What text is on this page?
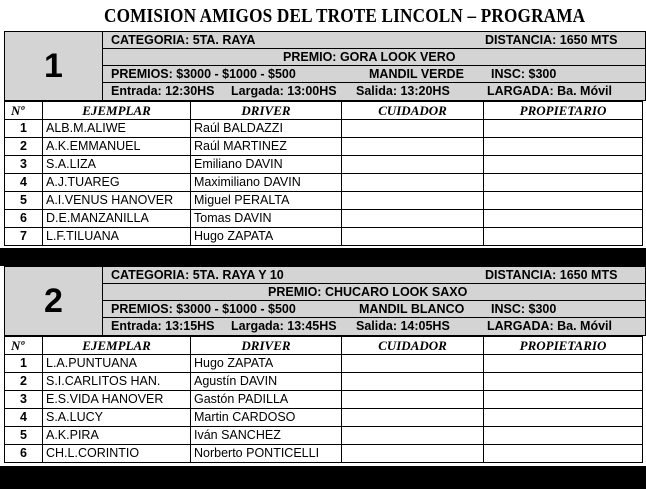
COMISION AMIGOS DEL TROTE LINCOLN – PROGRAMA
1
CATEGORIA: 5TA. RAYA	DISTANCIA: 1650 MTS
PREMIO: GORA LOOK VERO
PREMIOS: $3000 - $1000 - $500	MANDIL VERDE INSC: $300
Entrada: 12:30HS Largada: 13:00HS Salida: 13:20HS	LARGADA: Ba. Móvil
Nº	EJEMPLAR	DRIVER	CUIDADOR	PROPIETARIO
1	ALB.M.ALIWE	Raúl BALDAZZI		
2	A.K.EMMANUEL	Raúl MARTINEZ		
3	S.A.LIZA	Emiliano DAVIN		
4	A.J.TUAREG	Maximiliano DAVIN		
5	A.I.VENUS HANOVER	Miguel PERALTA		
6	D.E.MANZANILLA	Tomas DAVIN		
7	L.F.TILUANA	Hugo ZAPATA		
2
CATEGORIA: 5TA. RAYA Y 10	DISTANCIA: 1650 MTS
PREMIO: CHUCARO LOOK SAXO
PREMIOS: $3000 - $1000 - $500	MANDIL BLANCO INSC: $300
Entrada: 13:15HS Largada: 13:45HS Salida: 14:05HS	LARGADA: Ba. Móvil
Nº	EJEMPLAR	DRIVER	CUIDADOR	PROPIETARIO
1	L.A.PUNTUANA	Hugo ZAPATA		
2	S.I.CARLITOS HAN.	Agustín DAVIN		
3	E.S.VIDA HANOVER	Gastón PADILLA		
4	S.A.LUCY	Martin CARDOSO		
5	A.K.PIRA	Iván SANCHEZ		
6	CH.L.CORINTIO	Norberto PONTICELLI		
